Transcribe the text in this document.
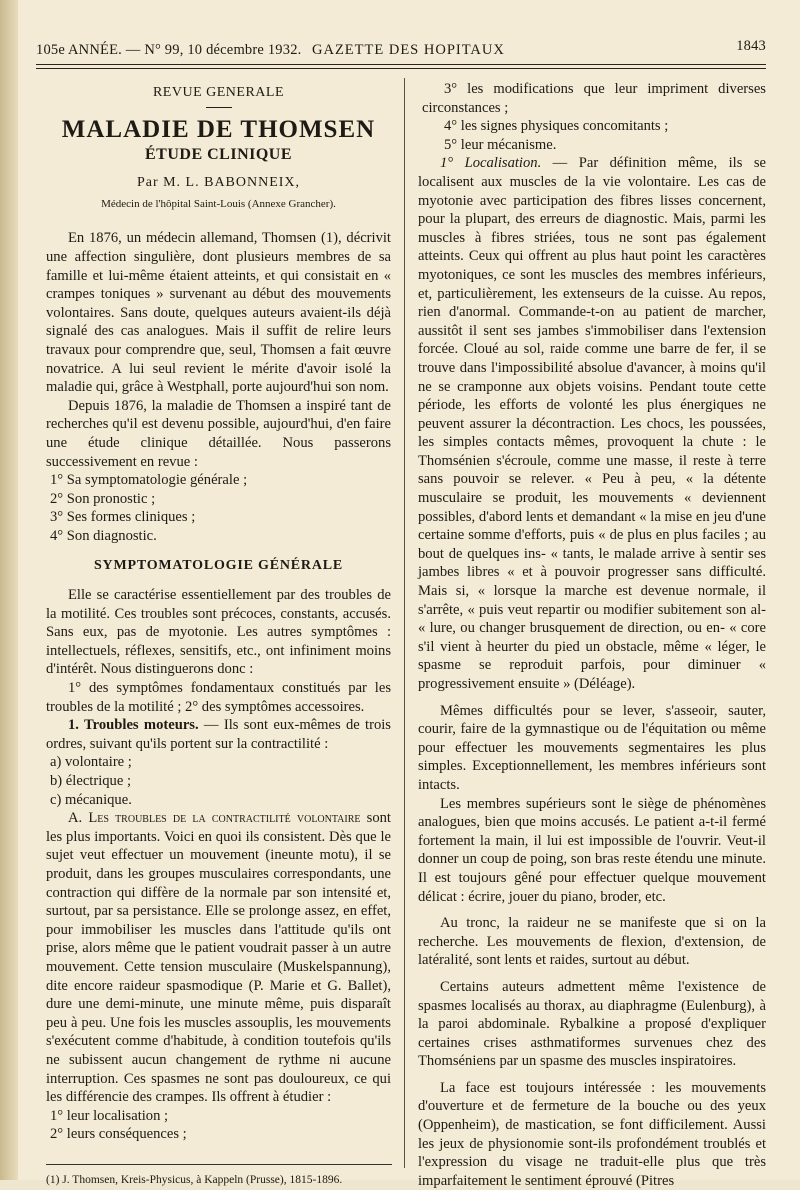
105e ANNÉE. — N° 99, 10 décembre 1932. GAZETTE DES HOPITAUX	1843
REVUE GENERALE
MALADIE DE THOMSEN
ÉTUDE CLINIQUE
Par M. L. BABONNEIX,
Médecin de l'hôpital Saint-Louis (Annexe Grancher).

En 1876, un médecin allemand, Thomsen (1), décrivit une affection singulière, dont plusieurs membres de sa famille et lui-même étaient atteints, et qui consistait en « crampes toniques » survenant au début des mouvements volontaires. Sans doute, quelques auteurs avaient-ils déjà signalé des cas analogues. Mais il suffit de relire leurs travaux pour comprendre que, seul, Thomsen a fait œuvre novatrice. A lui seul revient le mérite d'avoir isolé la maladie qui, grâce à Westphall, porte aujourd'hui son nom.

Depuis 1876, la maladie de Thomsen a inspiré tant de recherches qu'il est devenu possible, aujourd'hui, d'en faire une étude clinique détaillée. Nous passerons successivement en revue :

1° Sa symptomatologie générale ;

2° Son pronostic ;

3° Ses formes cliniques ;

4° Son diagnostic.

SYMPTOMATOLOGIE GÉNÉRALE

Elle se caractérise essentiellement par des troubles de la motilité. Ces troubles sont précoces, constants, accusés. Sans eux, pas de myotonie. Les autres symptômes : intellectuels, réflexes, sensitifs, etc., ont infiniment moins d'intérêt. Nous distinguerons donc :

1° des symptômes fondamentaux constitués par les troubles de la motilité ; 2° des symptômes accessoires.

1. Troubles moteurs. — Ils sont eux-mêmes de trois ordres, suivant qu'ils portent sur la contractilité :

a) volontaire ;

b) électrique ;

c) mécanique.

A. Les troubles de la contractilité volontaire sont les plus importants. Voici en quoi ils consistent. Dès que le sujet veut effectuer un mouvement (ineunte motu), il se produit, dans les groupes musculaires correspondants, une contraction qui diffère de la normale par son intensité et, surtout, par sa persistance. Elle se prolonge assez, en effet, pour immobiliser les muscles dans l'attitude qu'ils ont prise, alors même que le patient voudrait passer à un autre mouvement. Cette tension musculaire (Muskelspannung), dite encore raideur spasmodique (P. Marie et G. Ballet), dure une demi-minute, une minute même, puis disparaît peu à peu. Une fois les muscles assouplis, les mouvements s'exécutent comme d'habitude, à condition toutefois qu'ils ne subissent aucun changement de rythme ni aucune interruption. Ces spasmes ne sont pas douloureux, ce qui les différencie des crampes. Ils offrent à étudier :

1° leur localisation ;

2° leurs conséquences ;

(1) J. Thomsen, Kreis-Physicus, à Kappeln (Prusse), 1815-1896.

3° les modifications que leur impriment diverses circonstances ;

4° les signes physiques concomitants ;

5° leur mécanisme.

1° Localisation. — Par définition même, ils se localisent aux muscles de la vie volontaire. Les cas de myotonie avec participation des fibres lisses concernent, pour la plupart, des erreurs de diagnostic. Mais, parmi les muscles à fibres striées, tous ne sont pas également atteints. Ceux qui offrent au plus haut point les caractères myotoniques, ce sont les muscles des membres inférieurs, et, particulièrement, les extenseurs de la cuisse. Au repos, rien d'anormal. Commande-t-on au patient de marcher, aussitôt il sent ses jambes s'immobiliser dans l'extension forcée. Cloué au sol, raide comme une barre de fer, il se trouve dans l'impossibilité absolue d'avancer, à moins qu'il ne se cramponne aux objets voisins. Pendant toute cette période, les efforts de volonté les plus énergiques ne peuvent assurer la décontraction. Les chocs, les poussées, les simples contacts mêmes, provoquent la chute : le Thomsénien s'écroule, comme une masse, il reste à terre sans pouvoir se relever. « Peu à peu, « la détente musculaire se produit, les mouvements « deviennent possibles, d'abord lents et demandant « la mise en jeu d'une certaine somme d'efforts, puis « de plus en plus faciles ; au bout de quelques ins- « tants, le malade arrive à sentir ses jambes libres « et à pouvoir progresser sans difficulté. Mais si, « lorsque la marche est devenue normale, il s'arrête, « puis veut repartir ou modifier subitement son al- « lure, ou changer brusquement de direction, ou en- « core s'il vient à heurter du pied un obstacle, même « léger, le spasme se reproduit parfois, pour diminuer « progressivement ensuite » (Déléage).

Mêmes difficultés pour se lever, s'asseoir, sauter, courir, faire de la gymnastique ou de l'équitation ou même pour effectuer les mouvements segmentaires les plus simples. Exceptionnellement, les membres inférieurs sont intacts.

Les membres supérieurs sont le siège de phénomènes analogues, bien que moins accusés. Le patient a-t-il fermé fortement la main, il lui est impossible de l'ouvrir. Veut-il donner un coup de poing, son bras reste étendu une minute. Il est toujours gêné pour effectuer quelque mouvement délicat : écrire, jouer du piano, broder, etc.

Au tronc, la raideur ne se manifeste que si on la recherche. Les mouvements de flexion, d'extension, de latéralité, sont lents et raides, surtout au début.

Certains auteurs admettent même l'existence de spasmes localisés au thorax, au diaphragme (Eulenburg), à la paroi abdominale. Rybalkine a proposé d'expliquer certaines crises asthmatiformes survenues chez des Thomséniens par un spasme des muscles inspiratoires.

La face est toujours intéressée : les mouvements d'ouverture et de fermeture de la bouche ou des yeux (Oppenheim), de mastication, se font difficilement. Aussi les jeux de physionomie sont-ils profondément troublés et l'expression du visage ne traduit-elle plus que très imparfaitement le sentiment éprouvé (Pitres
